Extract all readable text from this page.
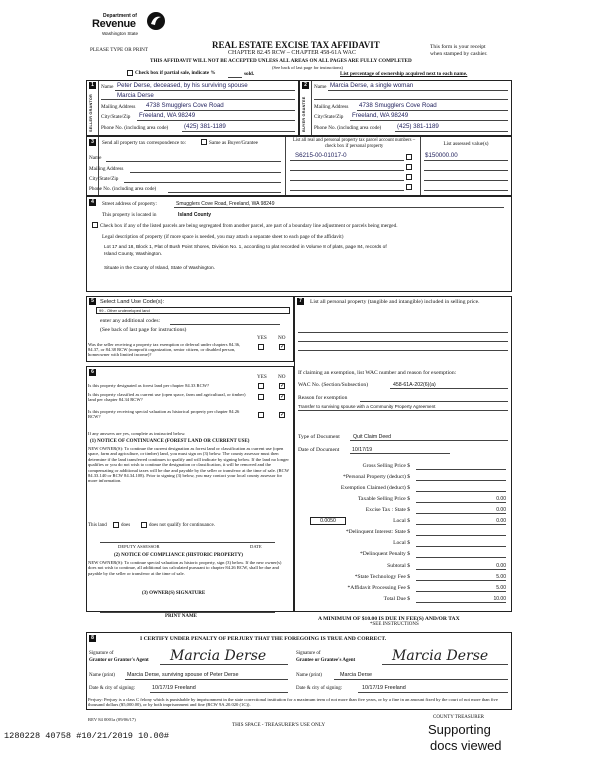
Department of
Revenue
Washington State
PLEASE TYPE OR PRINT	REAL ESTATE EXCISE TAX AFFIDAVIT
CHAPTER 82.45 RCW – CHAPTER 458-61A WAC
THIS AFFIDAVIT WILL NOT BE ACCEPTED UNLESS ALL AREAS ON ALL PAGES ARE FULLY COMPLETED
(See back of last page for instructions)
This form is your receipt
when stamped by cashier.
Check box if partial sale, indicate %	sold.	List percentage of ownership acquired next to each name.
1	2
SELLER GRANTOR	BUYER GRANTEE
Name Peter Derse, deceased, by his surviving spouse
Marcia Derse
Mailing Address 4738 Smugglers Cove Road
City/State/Zip Freeland, WA 98249
Phone No. (including area code)	(425) 381-1189
Name Marcia Derse, a single woman
Mailing Address 4738 Smugglers Cove Road
City/State/Zip Freeland, WA 98249
Phone No. (including area code)	(425) 381-1189
3	Send all property tax correspondence to:	Same as Buyer/Grantee
Name
Mailing Address
City/State/Zip
Phone No. (including area code)
List all real and personal property tax parcel account numbers – check box if personal property	List assessed value(s)
S6215-00-01017-0	$150000.00
4	Street address of property:	Smugglers Cove Road, Freeland, WA 98249
This property is located in	Island County
Check box if any of the listed parcels are being segregated from another parcel, are part of a boundary line adjustment or parcels being merged.
Legal description of property (if more space is needed, you may attach a separate sheet to each page of the affidavit)
Lot 17 and 18, Block 1, Plat of Bush Point Shores, Division No. 1, according to plat recorded in Volume 8 of plats, page 84, records of
Island County, Washington.
Situate in the County of Island, State of Washington.
5	7
Select Land Use Code(s):
99 - Other undeveloped land
enter any additional codes:
(See back of last page for instructions)
YES NO
Was the seller receiving a property tax exemption or deferral under chapters 84.36, 84.37, or 84.38 RCW (nonprofit organization, senior citizen, or disabled person, homeowner with limited income)?
✓
List all personal property (tangible and intangible) included in selling price.
If claiming an exemption, list WAC number and reason for exemption:
WAC No. (Section/Subsection)	458-61A-202(6)(a)
Reason for exemption
Transfer to surviving spouse with a Community Property Agreement
Type of Document	Quit Claim Deed
Date of Document 10/17/19
Gross Selling Price $
*Personal Property (deduct) $
Exemption Claimed (deduct) $
Taxable Selling Price $	0.00
Excise Tax : State $	0.00
0.0050	Local $	0.00
*Delinquent Interest: State $
Local $
*Delinquent Penalty $
Subtotal $	0.00
*State Technology Fee $	5.00
*Affidavit Processing Fee $	5.00
Total Due $	10.00
A MINIMUM OF $10.00 IS DUE IN FEE(S) AND/OR TAX
*SEE INSTRUCTIONS
6
YES NO
Is this property designated as forest land per chapter 84.33 RCW?	✓
Is this property classified as current use (open space, farm and agricultural, or timber) land per chapter 84.34 RCW?	✓
Is this property receiving special valuation as historical property per chapter 84.26 RCW?	✓
If any answers are yes, complete as instructed below.
(1) NOTICE OF CONTINUANCE (FOREST LAND OR CURRENT USE)
NEW OWNER(S): To continue the current designation as forest land or classification as current use (open space, farm and agriculture, or timber) land, you must sign on (3) below. The county assessor must then determine if the land transferred continues to qualify and will indicate by signing below. If the land no longer qualifies or you do not wish to continue the designation or classification, it will be removed and the compensating or additional taxes will be due and payable by the seller or transferor at the time of sale. (RCW 84.33.140 or RCW 84.34.108). Prior to signing (3) below, you may contact your local county assessor for more information.
This land	does	does not qualify for continuance.
DEPUTY ASSESSOR	DATE
(2) NOTICE OF COMPLIANCE (HISTORIC PROPERTY)
NEW OWNER(S): To continue special valuation as historic property, sign (3) below. If the new owner(s) does not wish to continue, all additional tax calculated pursuant to chapter 84.26 RCW, shall be due and payable by the seller or transferor at the time of sale.
(3) OWNER(S) SIGNATURE
PRINT NAME
8	I CERTIFY UNDER PENALTY OF PERJURY THAT THE FOREGOING IS TRUE AND CORRECT.
Signature of
Grantor or Grantor's Agent Marcia Derse	Signature of
Grantee or Grantee's Agent	Marcia Derse
Name (print) Marcia Derse, surviving spouse of Peter Derse	Name (print)	Marcia Derse
Date & city of signing:	10/17/19 Freeland	Date & city of signing:	10/17/19 Freeland
Perjury: Perjury is a class C felony which is punishable by imprisonment in the state correctional institution for a maximum term of not more than five years, or by a fine in an amount fixed by the court of not more than five thousand dollars ($5,000.00), or by both imprisonment and fine (RCW 9A.20.020 (1C)).
REV 84 0001a (09/06/17)
THIS SPACE - TREASURER'S USE ONLY
COUNTY TREASURER
1280228 40758 #10/21/2019 10.00#	Supporting
docs viewed
